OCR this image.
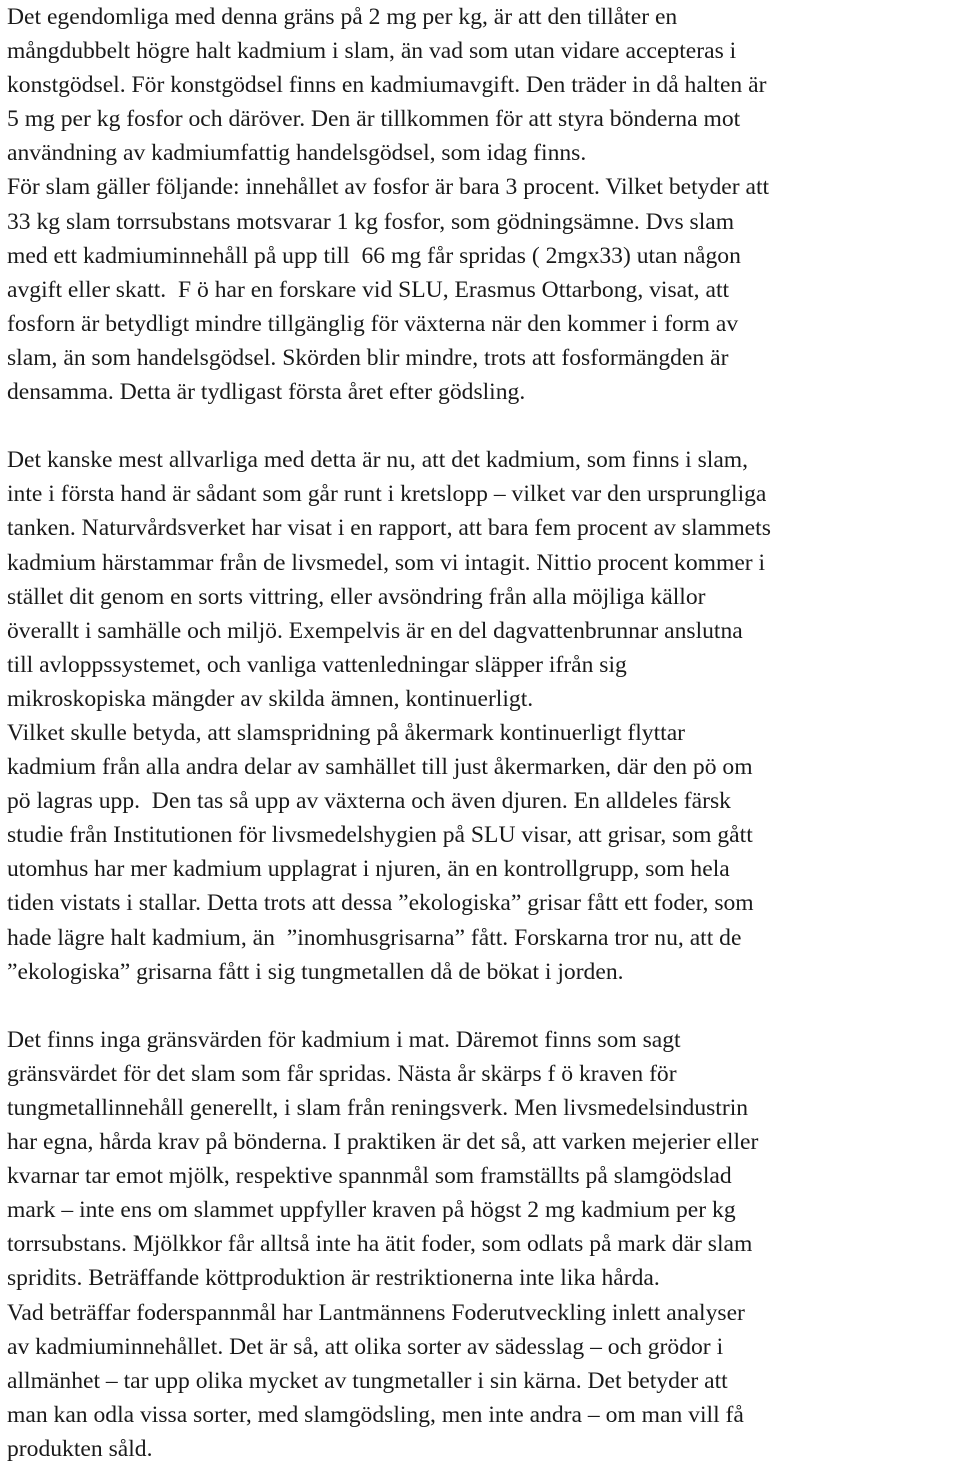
Det egendomliga med denna gräns på 2 mg per kg, är att den tillåter en
mångdubbelt högre halt kadmium i slam, än vad som utan vidare accepteras i
konstgödsel. För konstgödsel finns en kadmiumavgift. Den träder in då halten är
5 mg per kg fosfor och däröver. Den är tillkommen för att styra bönderna mot
användning av kadmiumfattig handelsgödsel, som idag finns.
För slam gäller följande: innehållet av fosfor är bara 3 procent. Vilket betyder att
33 kg slam torrsubstans motsvarar 1 kg fosfor, som gödningsämne. Dvs slam
med ett kadmiuminnehåll på upp till  66 mg får spridas ( 2mgx33) utan någon
avgift eller skatt.  F ö har en forskare vid SLU, Erasmus Ottarbong, visat, att
fosforn är betydligt mindre tillgänglig för växterna när den kommer i form av
slam, än som handelsgödsel. Skörden blir mindre, trots att fosformängden är
densamma. Detta är tydligast första året efter gödsling.
Det kanske mest allvarliga med detta är nu, att det kadmium, som finns i slam,
inte i första hand är sådant som går runt i kretslopp – vilket var den ursprungliga
tanken. Naturvårdsverket har visat i en rapport, att bara fem procent av slammets
kadmium härstammar från de livsmedel, som vi intagit. Nittio procent kommer i
stället dit genom en sorts vittring, eller avsöndring från alla möjliga källor
överallt i samhälle och miljö. Exempelvis är en del dagvattenbrunnar anslutna
till avloppssystemet, och vanliga vattenledningar släpper ifrån sig
mikroskopiska mängder av skilda ämnen, kontinuerligt.
Vilket skulle betyda, att slamspridning på åkermark kontinuerligt flyttar
kadmium från alla andra delar av samhället till just åkermarken, där den pö om
pö lagras upp.  Den tas så upp av växterna och även djuren. En alldeles färsk
studie från Institutionen för livsmedelshygien på SLU visar, att grisar, som gått
utomhus har mer kadmium upplagrat i njuren, än en kontrollgrupp, som hela
tiden vistats i stallar. Detta trots att dessa ”ekologiska” grisar fått ett foder, som
hade lägre halt kadmium, än  ”inomhusgrisarna” fått. Forskarna tror nu, att de
”ekologiska” grisarna fått i sig tungmetallen då de bökat i jorden.
Det finns inga gränsvärden för kadmium i mat. Däremot finns som sagt
gränsvärdet för det slam som får spridas. Nästa år skärps f ö kraven för
tungmetallinnehåll generellt, i slam från reningsverk. Men livsmedelsindustrin
har egna, hårda krav på bönderna. I praktiken är det så, att varken mejerier eller
kvarnar tar emot mjölk, respektive spannmål som framställts på slamgödslad
mark – inte ens om slammet uppfyller kraven på högst 2 mg kadmium per kg
torrsubstans. Mjölkkor får alltså inte ha ätit foder, som odlats på mark där slam
spridits. Beträffande köttproduktion är restriktionerna inte lika hårda.
Vad beträffar foderspannmål har Lantmännens Foderutveckling inlett analyser
av kadmiuminnehållet. Det är så, att olika sorter av sädesslag – och grödor i
allmänhet – tar upp olika mycket av tungmetaller i sin kärna. Det betyder att
man kan odla vissa sorter, med slamgödsling, men inte andra – om man vill få
produkten såld.
